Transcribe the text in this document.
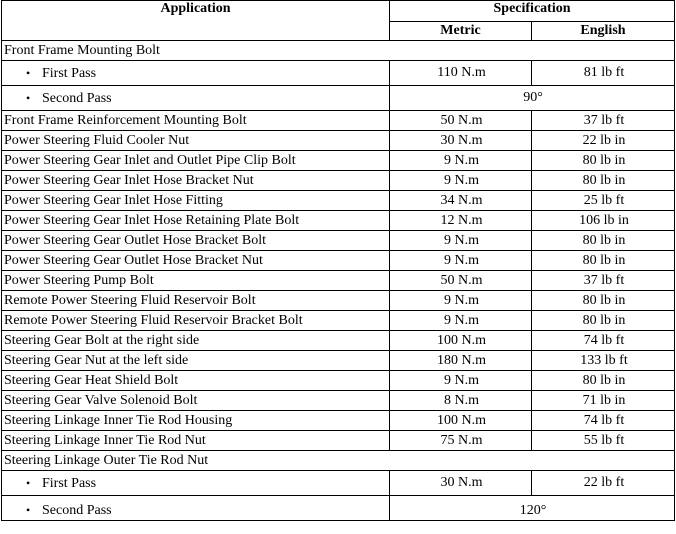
Application	Specification	
	Metric	English
Front Frame Mounting Bolt		
• First Pass	110 N.m	81 lb ft
• Second Pass	90°	
Front Frame Reinforcement Mounting Bolt	50 N.m	37 lb ft
Power Steering Fluid Cooler Nut	30 N.m	22 lb in
Power Steering Gear Inlet and Outlet Pipe Clip Bolt	9 N.m	80 lb in
Power Steering Gear Inlet Hose Bracket Nut	9 N.m	80 lb in
Power Steering Gear Inlet Hose Fitting	34 N.m	25 lb ft
Power Steering Gear Inlet Hose Retaining Plate Bolt	12 N.m	106 lb in
Power Steering Gear Outlet Hose Bracket Bolt	9 N.m	80 lb in
Power Steering Gear Outlet Hose Bracket Nut	9 N.m	80 lb in
Power Steering Pump Bolt	50 N.m	37 lb ft
Remote Power Steering Fluid Reservoir Bolt	9 N.m	80 lb in
Remote Power Steering Fluid Reservoir Bracket Bolt	9 N.m	80 lb in
Steering Gear Bolt at the right side	100 N.m	74 lb ft
Steering Gear Nut at the left side	180 N.m	133 lb ft
Steering Gear Heat Shield Bolt	9 N.m	80 lb in
Steering Gear Valve Solenoid Bolt	8 N.m	71 lb in
Steering Linkage Inner Tie Rod Housing	100 N.m	74 lb ft
Steering Linkage Inner Tie Rod Nut	75 N.m	55 lb ft
Steering Linkage Outer Tie Rod Nut		
• First Pass	30 N.m	22 lb ft
• Second Pass	120°	
